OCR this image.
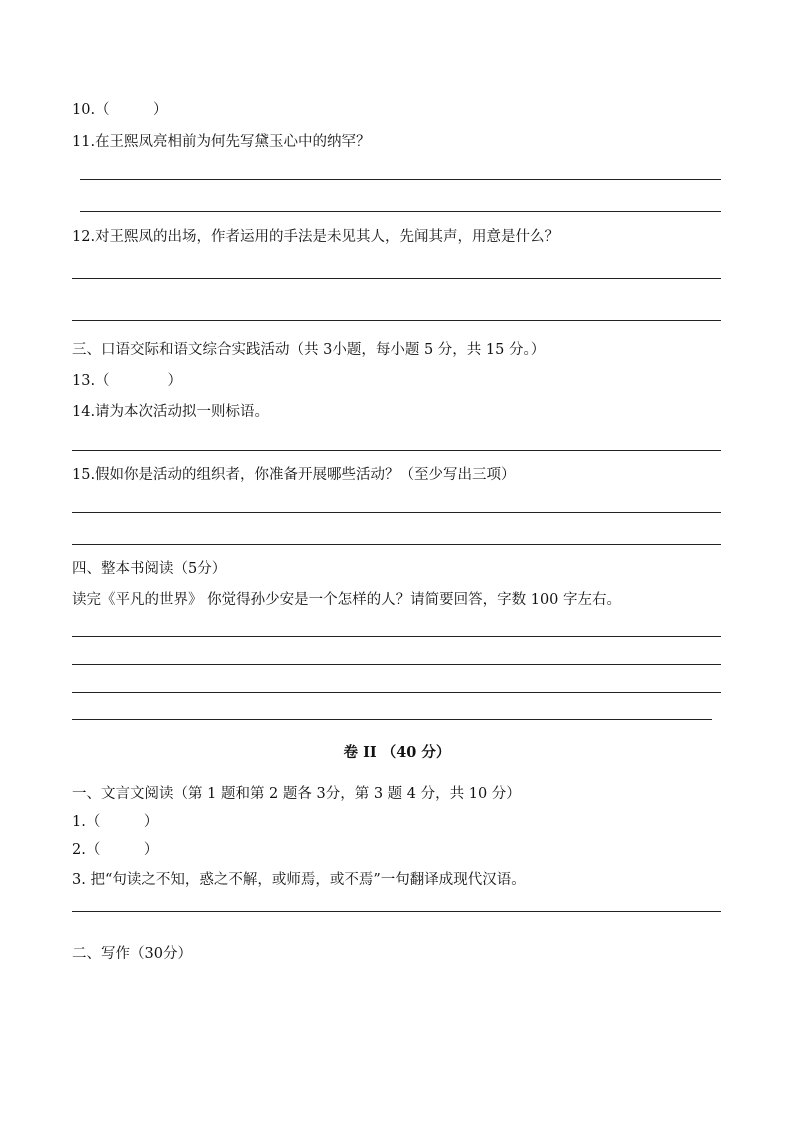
10.（　　　）
11.在王熙凤亮相前为何先写黛玉心中的纳罕？
12.对王熙凤的出场，作者运用的手法是未见其人，先闻其声，用意是什么？
三、口语交际和语文综合实践活动（共 3小题，每小题 5 分，共 15 分。）
13.（　　　　）
14.请为本次活动拟一则标语。
15.假如你是活动的组织者，你准备开展哪些活动？（至少写出三项）
四、整本书阅读（5分）
读完《平凡的世界》 你觉得孙少安是一个怎样的人？请简要回答，字数 100 字左右。
卷 II （40 分）
一、文言文阅读（第 1 题和第 2 题各 3分，第 3 题 4 分，共 10 分）
1.（　　　）
2.（　　　）
3. 把“句读之不知，惑之不解，或师焉，或不焉”一句翻译成现代汉语。
二、写作（30分）
